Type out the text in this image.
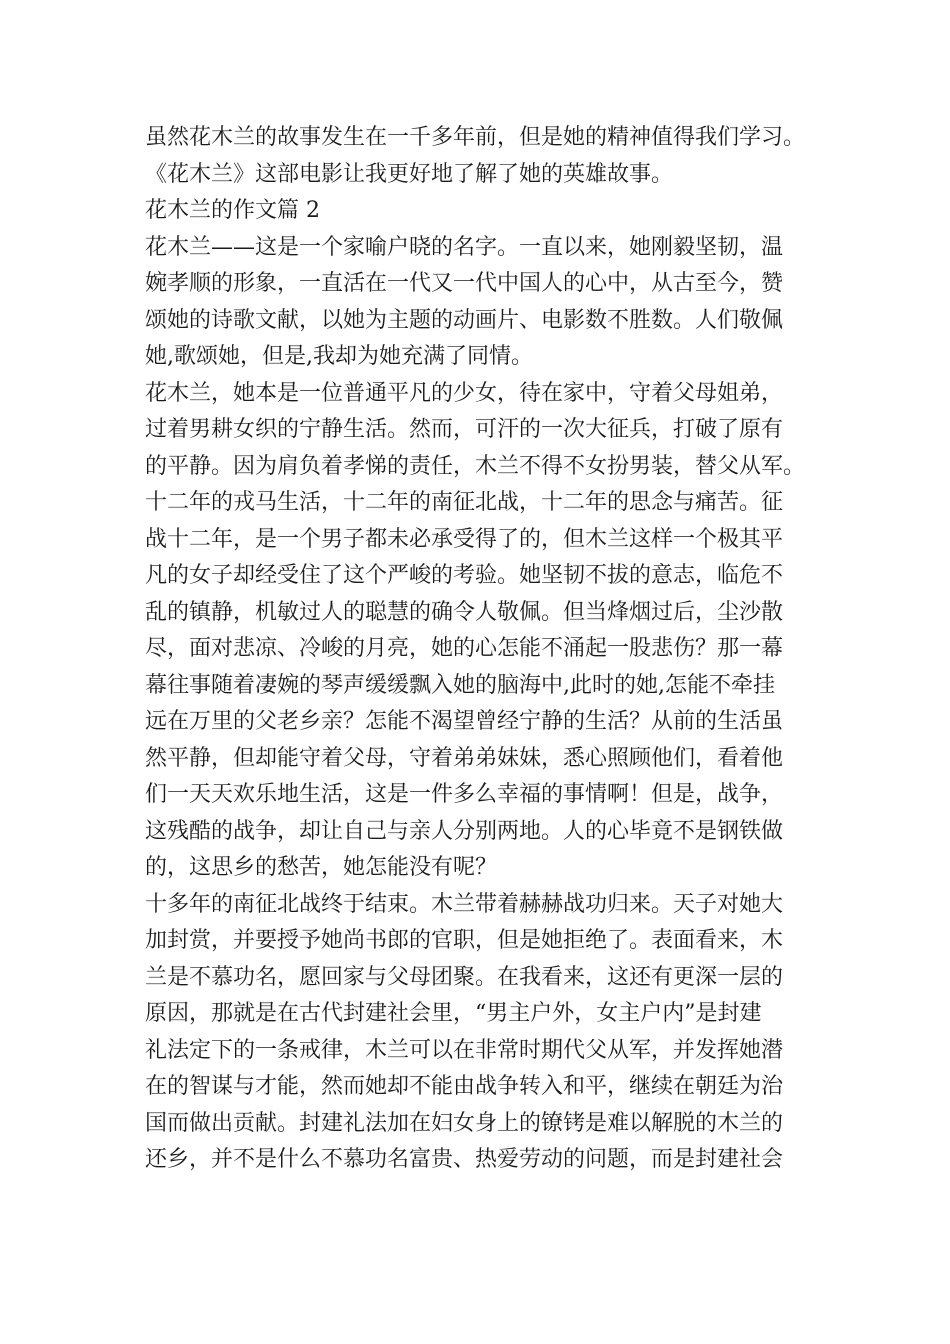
虽然花木兰的故事发生在一千多年前，但是她的精神值得我们学习。
《花木兰》这部电影让我更好地了解了她的英雄故事。
花木兰的作文篇 2
花木兰——这是一个家喻户晓的名字。一直以来，她刚毅坚韧，温
婉孝顺的形象，一直活在一代又一代中国人的心中，从古至今，赞
颂她的诗歌文献，以她为主题的动画片、电影数不胜数。人们敬佩
她,歌颂她，但是,我却为她充满了同情。
花木兰，她本是一位普通平凡的少女，待在家中，守着父母姐弟，
过着男耕女织的宁静生活。然而，可汗的一次大征兵，打破了原有
的平静。因为肩负着孝悌的责任，木兰不得不女扮男装，替父从军。
十二年的戎马生活，十二年的南征北战，十二年的思念与痛苦。征
战十二年，是一个男子都未必承受得了的，但木兰这样一个极其平
凡的女子却经受住了这个严峻的考验。她坚韧不拔的意志，临危不
乱的镇静，机敏过人的聪慧的确令人敬佩。但当烽烟过后，尘沙散
尽，面对悲凉、冷峻的月亮，她的心怎能不涌起一股悲伤？那一幕
幕往事随着凄婉的琴声缓缓飘入她的脑海中,此时的她,怎能不牵挂
远在万里的父老乡亲？怎能不渴望曾经宁静的生活？从前的生活虽
然平静，但却能守着父母，守着弟弟妹妹，悉心照顾他们，看着他
们一天天欢乐地生活，这是一件多么幸福的事情啊！但是，战争，
这残酷的战争，却让自己与亲人分别两地。人的心毕竟不是钢铁做
的，这思乡的愁苦，她怎能没有呢？
十多年的南征北战终于结束。木兰带着赫赫战功归来。天子对她大
加封赏，并要授予她尚书郎的官职，但是她拒绝了。表面看来，木
兰是不慕功名，愿回家与父母团聚。在我看来，这还有更深一层的
原因，那就是在古代封建社会里，“男主户外，女主户内”是封建
礼法定下的一条戒律，木兰可以在非常时期代父从军，并发挥她潜
在的智谋与才能，然而她却不能由战争转入和平，继续在朝廷为治
国而做出贡献。封建礼法加在妇女身上的镣铐是难以解脱的木兰的
还乡，并不是什么不慕功名富贵、热爱劳动的问题，而是封建社会
